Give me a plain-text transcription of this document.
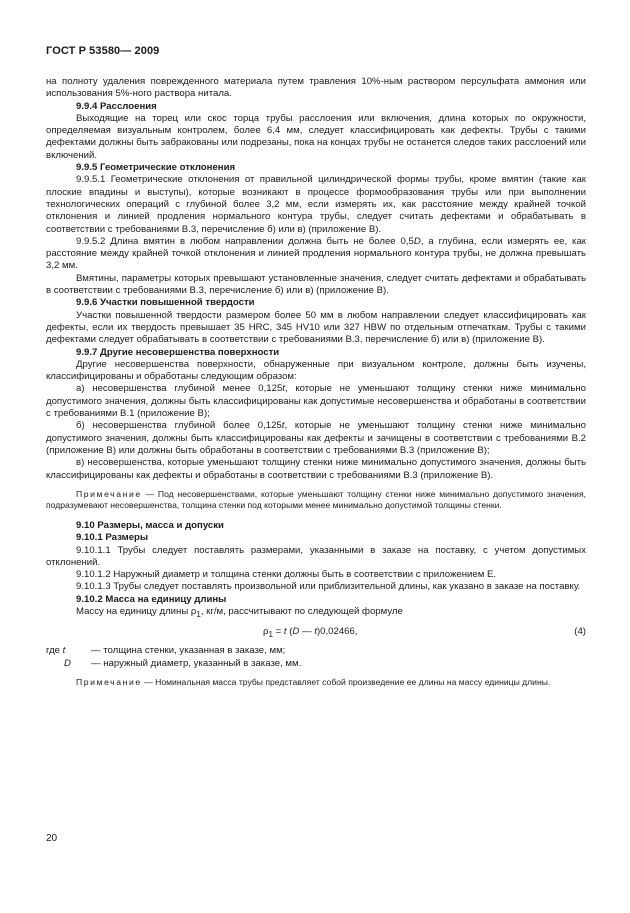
ГОСТ Р 53580— 2009

на полноту удаления поврежденного материала путем травления 10%-ным раствором персульфата аммония или использования 5%-ного раствора нитала.

9.9.4 Расслоения

Выходящие на торец или скос торца трубы расслоения или включения, длина которых по окружности, определяемая визуальным контролем, более 6,4 мм, следует классифицировать как дефекты. Трубы с такими дефектами должны быть забракованы или подрезаны, пока на концах трубы не останется следов таких расслоений или включений.

9.9.5 Геометрические отклонения

9.9.5.1 Геометрические отклонения от правильной цилиндрической формы трубы, кроме вмятин (такие как плоские впадины и выступы), которые возникают в процессе формообразования трубы или при выполнении технологических операций с глубиной более 3,2 мм, если измерять их, как расстояние между крайней точкой отклонения и линией продления нормального контура трубы, следует считать дефектами и обрабатывать в соответствии с требованиями В.3, перечисление б) или в) (приложение В).

9.9.5.2 Длина вмятин в любом направлении должна быть не более 0,5D, а глубина, если измерять ее, как расстояние между крайней точкой отклонения и линией продления нормального контура трубы, не должна превышать 3,2 мм.

Вмятины, параметры которых превышают установленные значения, следует считать дефектами и обрабатывать в соответствии с требованиями В.3, перечисление б) или в) (приложение В).

9.9.6 Участки повышенной твердости

Участки повышенной твердости размером более 50 мм в любом направлении следует классифицировать как дефекты, если их твердость превышает 35 HRC, 345 HV10 или 327 HBW по отдельным отпечаткам. Трубы с такими дефектами следует обрабатывать в соответствии с требованиями В.3, перечисление б) или в) (приложение В).

9.9.7 Другие несовершенства поверхности

Другие несовершенства поверхности, обнаруженные при визуальном контроле, должны быть изучены, классифицированы и обработаны следующим образом:

а) несовершенства глубиной менее 0,125t, которые не уменьшают толщину стенки ниже минимально допустимого значения, должны быть классифицированы как допустимые несовершенства и обработаны в соответствии с требованиями В.1 (приложение В);

б) несовершенства глубиной более 0,125t, которые не уменьшают толщину стенки ниже минимально допустимого значения, должны быть классифицированы как дефекты и зачищены в соответствии с требованиями В.2 (приложение В) или должны быть обработаны в соответствии с требованиями В.3 (приложение В);

в) несовершенства, которые уменьшают толщину стенки ниже минимально допустимого значения, должны быть классифицированы как дефекты и обработаны в соответствии с требованиями В.3 (приложение В).

Примечание — Под несовершенствами, которые уменьшают толщину стенки ниже минимально допустимого значения, подразумевают несовершенства, толщина стенки под которыми менее минимально допустимой толщины стенки.

9.10 Размеры, масса и допуски

9.10.1 Размеры

9.10.1.1 Трубы следует поставлять размерами, указанными в заказе на поставку, с учетом допустимых отклонений.

9.10.1.2 Наружный диаметр и толщина стенки должны быть в соответствии с приложением Е.

9.10.1.3 Трубы следует поставлять произвольной или приблизительной длины, как указано в заказе на поставку.

9.10.2 Масса на единицу длины

Массу на единицу длины $\rho_1$, кг/м, рассчитывают по следующей формуле

$\rho_1 = t$ (D — t)0,02466,	(4)
где t	— толщина стенки, указанная в заказе, мм;
D — наружный диаметр, указанный в заказе, мм.

Примечание — Номинальная масса трубы представляет собой произведение ее длины на массу единицы длины.

20
